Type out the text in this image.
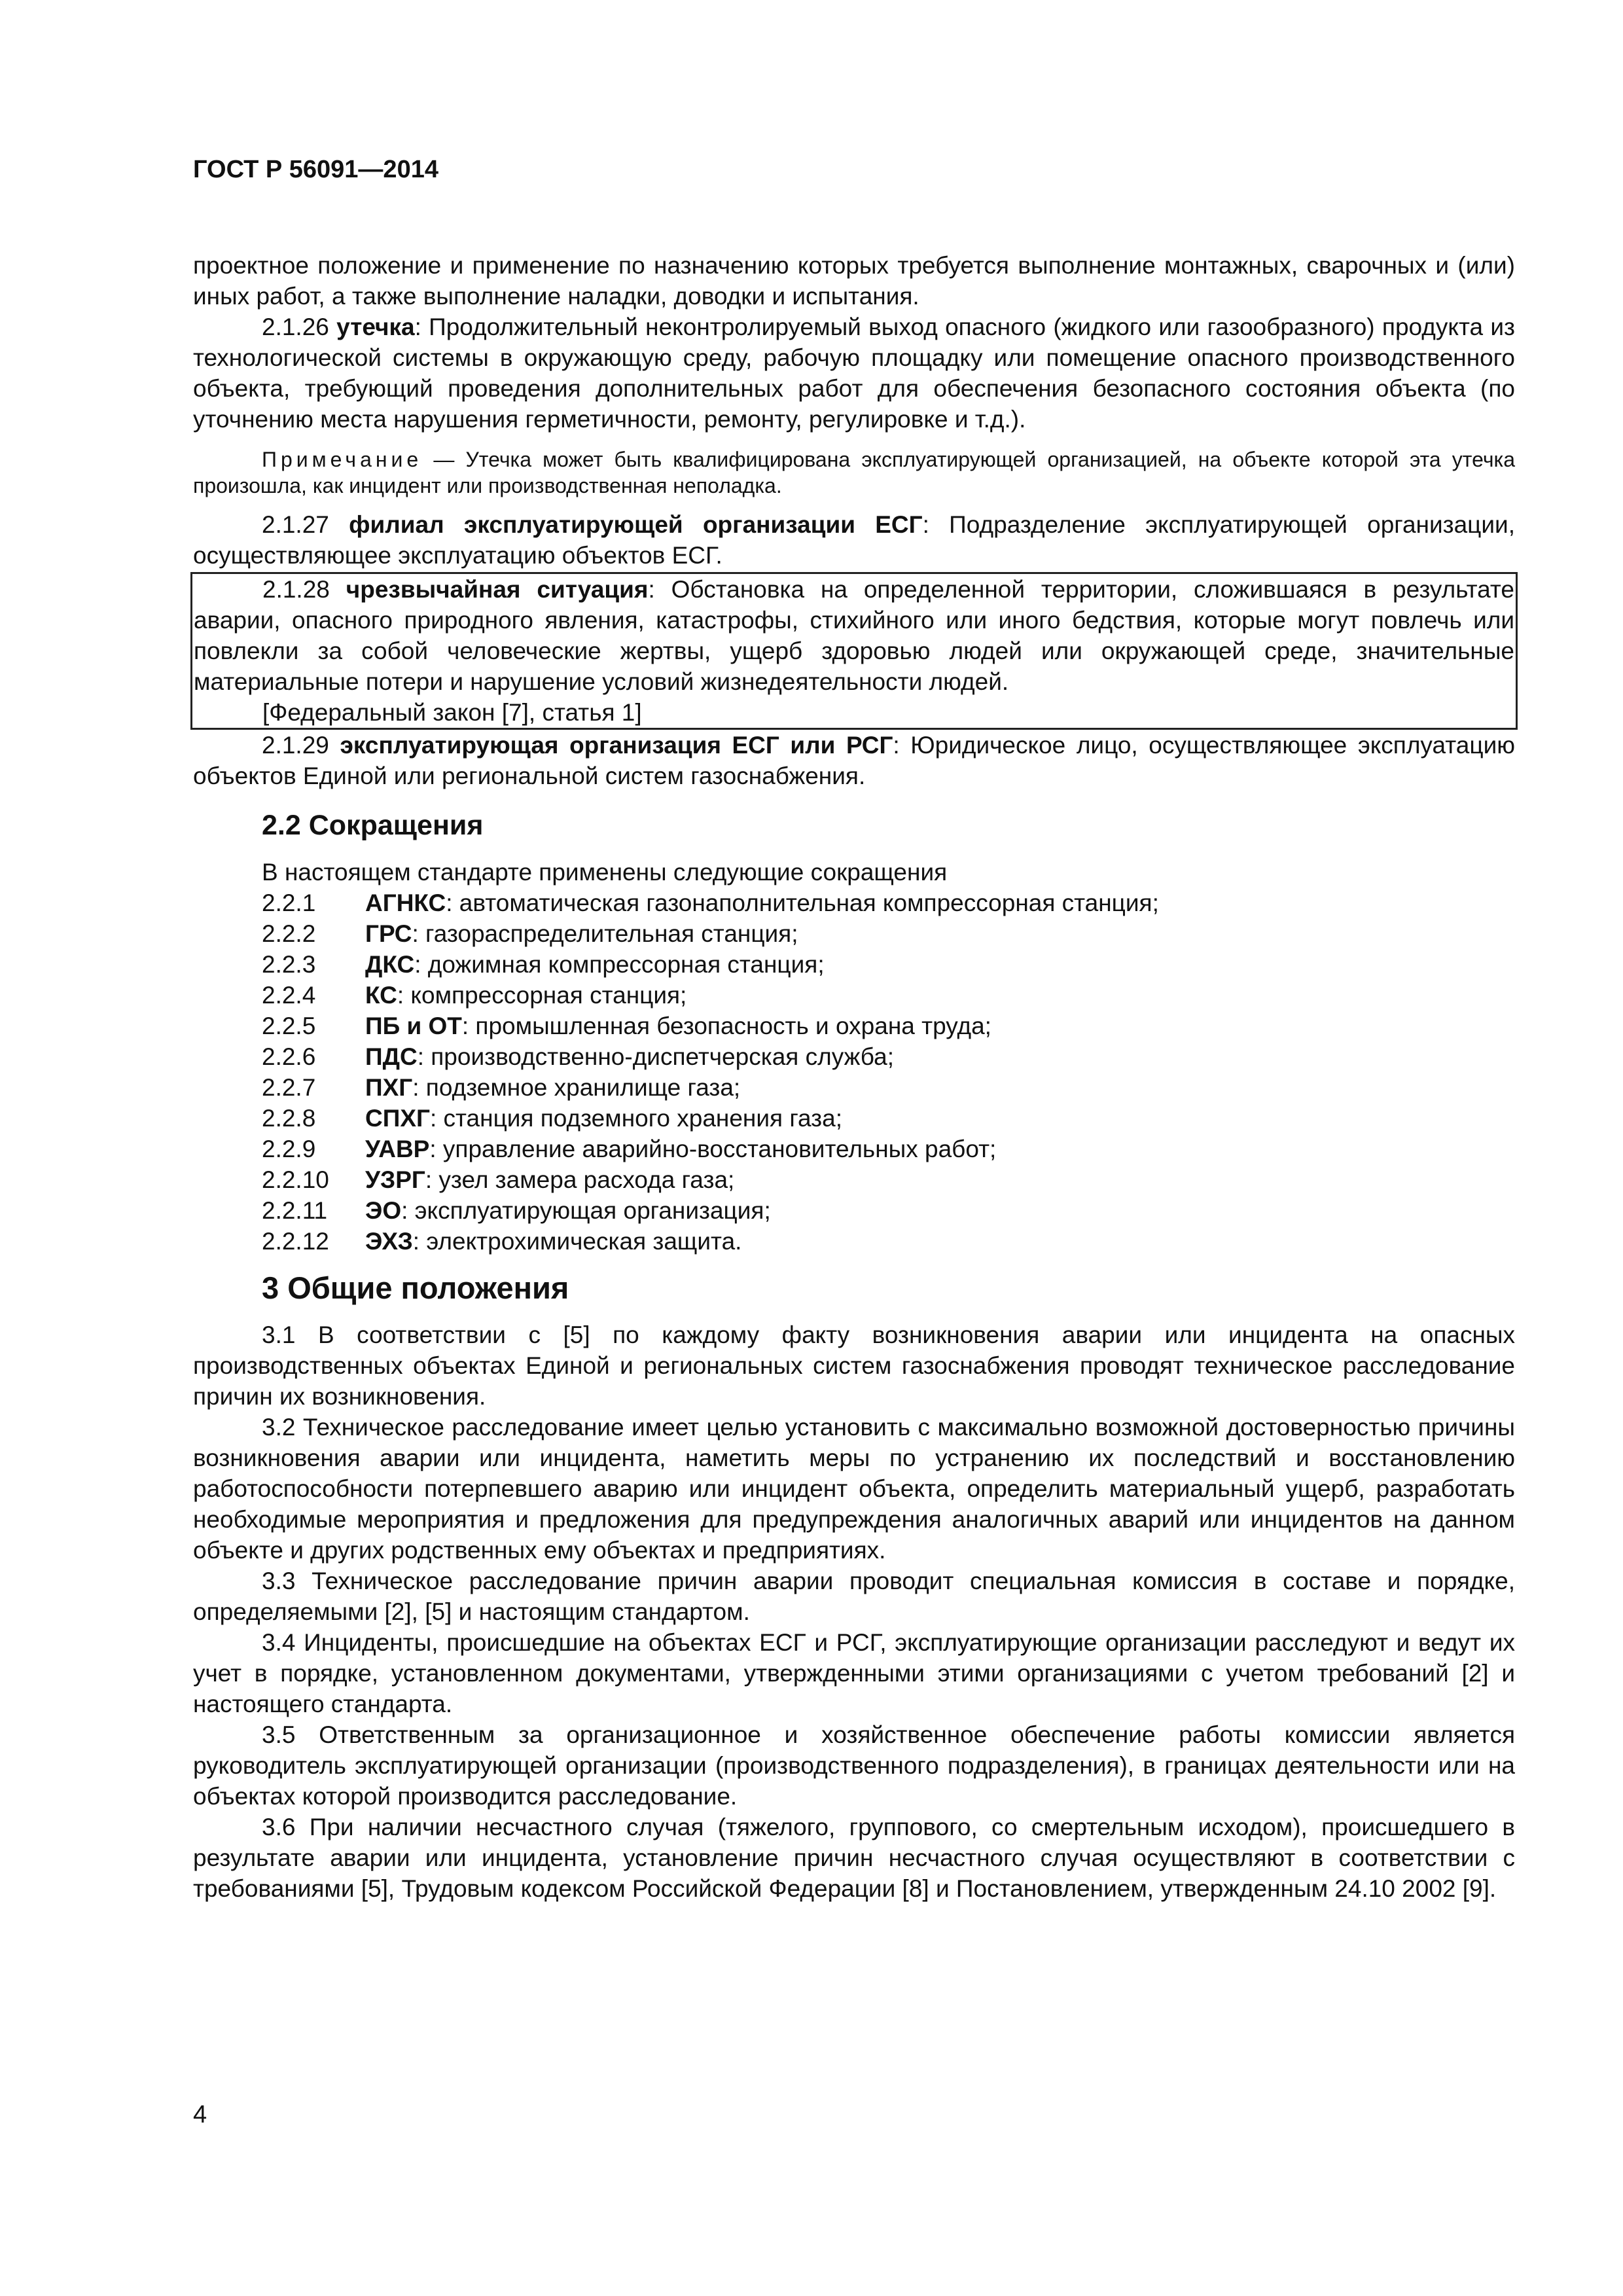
ГОСТ Р 56091—2014

проектное положение и применение по назначению которых требуется выполнение монтажных, сварочных и (или) иных работ, а также выполнение наладки, доводки и испытания.

2.1.26 утечка: Продолжительный неконтролируемый выход опасного (жидкого или газообразного) продукта из технологической системы в окружающую среду, рабочую площадку или помещение опасного производственного объекта, требующий проведения дополнительных работ для обеспечения безопасного состояния объекта (по уточнению места нарушения герметичности, ремонту, регулировке и т.д.).

Примечание — Утечка может быть квалифицирована эксплуатирующей организацией, на объекте которой эта утечка произошла, как инцидент или производственная неполадка.

2.1.27 филиал эксплуатирующей организации ЕСГ: Подразделение эксплуатирующей организации, осуществляющее эксплуатацию объектов ЕСГ.

2.1.28 чрезвычайная ситуация: Обстановка на определенной территории, сложившаяся в результате аварии, опасного природного явления, катастрофы, стихийного или иного бедствия, которые могут повлечь или повлекли за собой человеческие жертвы, ущерб здоровью людей или окружающей среде, значительные материальные потери и нарушение условий жизнедеятельности людей.

[Федеральный закон [7], статья 1]

2.1.29 эксплуатирующая организация ЕСГ или РСГ: Юридическое лицо, осуществляющее эксплуатацию объектов Единой или региональной систем газоснабжения.

2.2 Сокращения
В настоящем стандарте применены следующие сокращения
2.2.1	АГНКС: автоматическая газонаполнительная компрессорная станция;
2.2.2	ГРС: газораспределительная станция;
2.2.3	ДКС: дожимная компрессорная станция;
2.2.4	КС: компрессорная станция;
2.2.5	ПБ и ОТ: промышленная безопасность и охрана труда;
2.2.6	ПДС: производственно-диспетчерская служба;
2.2.7	ПХГ: подземное хранилище газа;
2.2.8	СПХГ: станция подземного хранения газа;
2.2.9	УАВР: управление аварийно-восстановительных работ;
2.2.10	УЗРГ: узел замера расхода газа;
2.2.11	ЭО: эксплуатирующая организация;
2.2.12	ЭХЗ: электрохимическая защита.
3 Общие положения

3.1 В соответствии с [5] по каждому факту возникновения аварии или инцидента на опасных производственных объектах Единой и региональных систем газоснабжения проводят техническое расследование причин их возникновения.

3.2 Техническое расследование имеет целью установить с максимально возможной достоверностью причины возникновения аварии или инцидента, наметить меры по устранению их последствий и восстановлению работоспособности потерпевшего аварию или инцидент объекта, определить материальный ущерб, разработать необходимые мероприятия и предложения для предупреждения аналогичных аварий или инцидентов на данном объекте и других родственных ему объектах и предприятиях.

3.3 Техническое расследование причин аварии проводит специальная комиссия в составе и порядке, определяемыми [2], [5] и настоящим стандартом.

3.4 Инциденты, происшедшие на объектах ЕСГ и РСГ, эксплуатирующие организации расследуют и ведут их учет в порядке, установленном документами, утвержденными этими организациями с учетом требований [2] и настоящего стандарта.

3.5 Ответственным за организационное и хозяйственное обеспечение работы комиссии является руководитель эксплуатирующей организации (производственного подразделения), в границах деятельности или на объектах которой производится расследование.

3.6 При наличии несчастного случая (тяжелого, группового, со смертельным исходом), происшедшего в результате аварии или инцидента, установление причин несчастного случая осуществляют в соответствии с требованиями [5], Трудовым кодексом Российской Федерации [8] и Постановлением, утвержденным 24.10 2002 [9].

4
